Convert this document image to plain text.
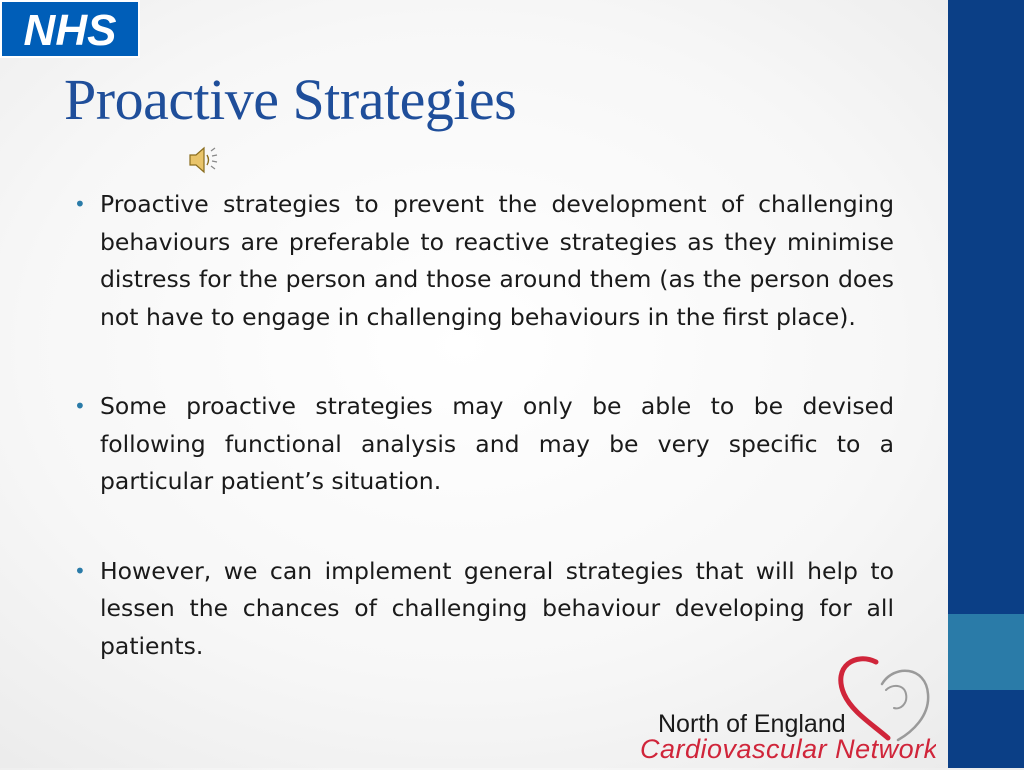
NHS
Proactive Strategies
• Proactive strategies to prevent the development of challenging behaviours are preferable to reactive strategies as they minimise distress for the person and those around them (as the person does not have to engage in challenging behaviours in the first place).
• Some proactive strategies may only be able to be devised following functional analysis and may be very specific to a particular patient’s situation.
• However, we can implement general strategies that will help to lessen the chances of challenging behaviour developing for all patients.
North of England
Cardiovascular Network
